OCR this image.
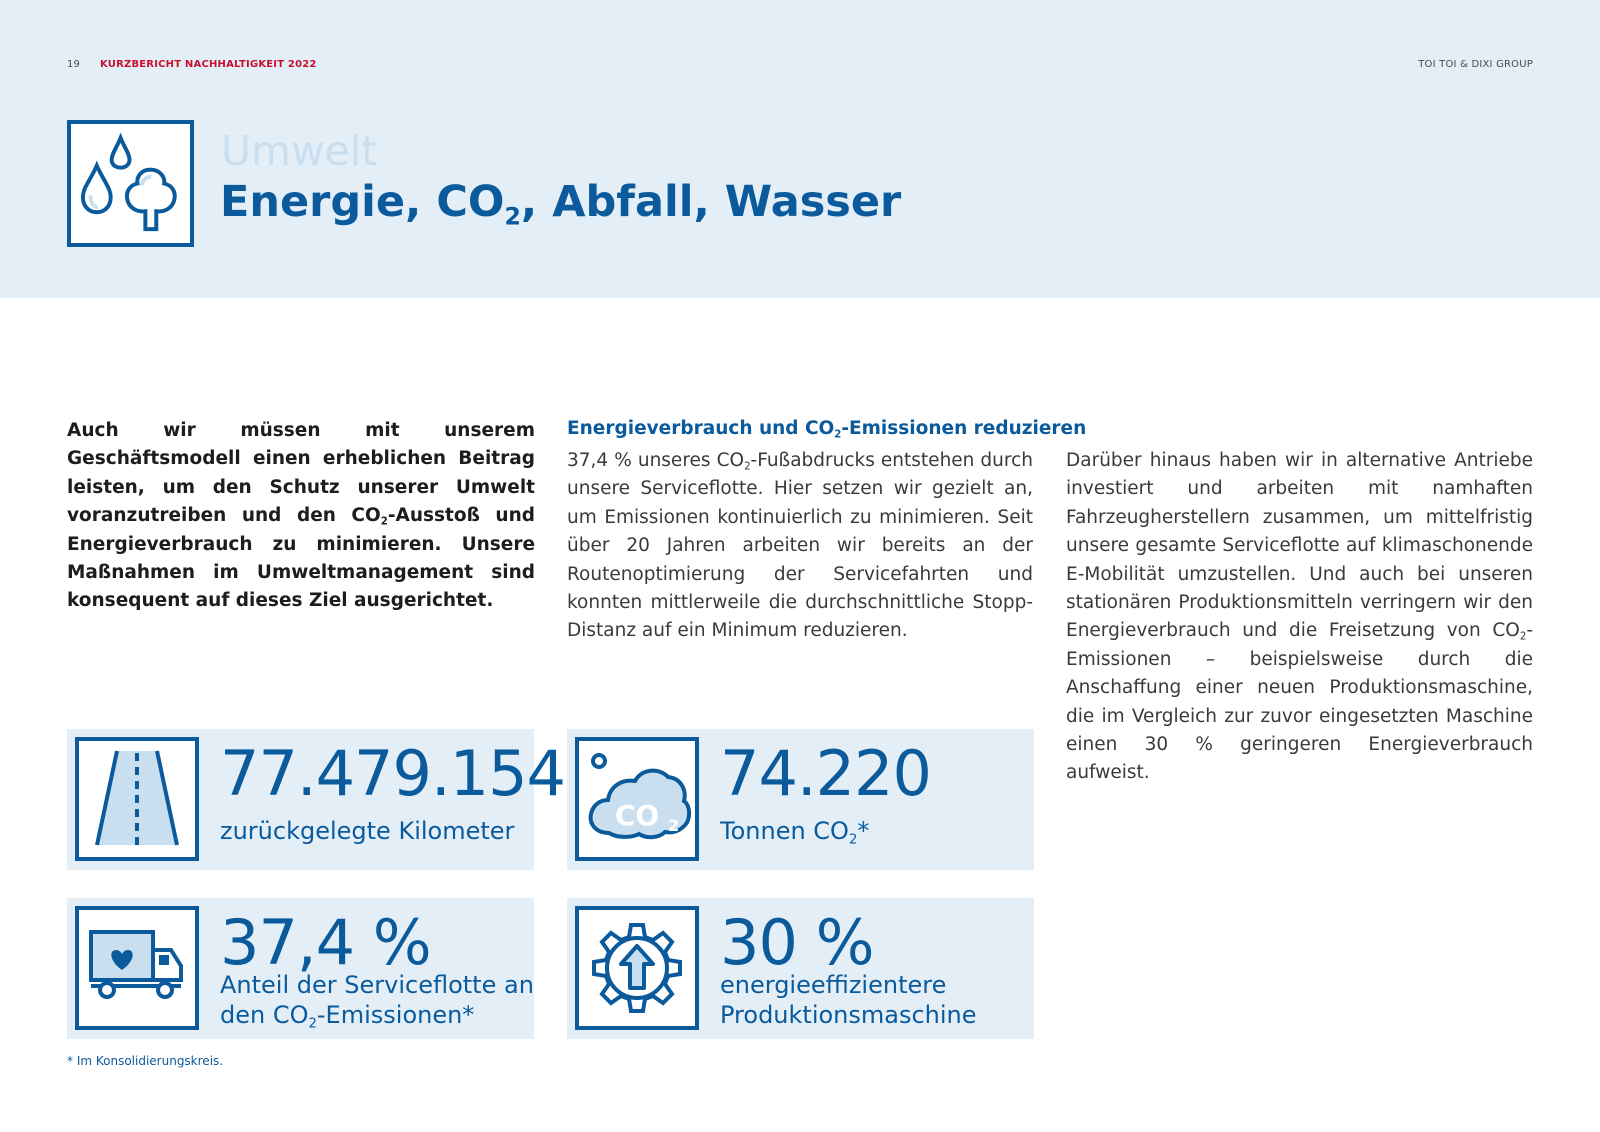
19 KURZBERICHT NACHHALTIGKEIT 2022	TOI TOI & DIXI GROUP
Umwelt
Energie, $CO_2$, Abfall, Wasser

Auch wir müssen mit unserem Geschäftsmodell einen erheblichen Beitrag leisten, um den Schutz unserer Umwelt voranzutreiben und den $CO_2$-Ausstoß und Energieverbrauch zu minimieren. Unsere Maßnahmen im Umweltmanagement sind konsequent auf dieses Ziel ausgerichtet.

Energieverbrauch und $CO_2$-Emissionen reduzieren

37,4 % unseres $CO_2$-Fußabdrucks entstehen durch unsere Serviceflotte. Hier setzen wir gezielt an, um Emissionen kontinuierlich zu minimieren. Seit über 20 Jahren arbeiten wir bereits an der Routenoptimierung der Servicefahrten und konnten mittlerweile die durchschnittliche Stopp-Distanz auf ein Minimum reduzieren.

Darüber hinaus haben wir in alternative Antriebe investiert und arbeiten mit namhaften Fahrzeugherstellern zusammen, um mittelfristig unsere gesamte Serviceflotte auf klimaschonende E-Mobilität umzustellen. Und auch bei unseren stationären Produktionsmitteln verringern wir den Energieverbrauch und die Freisetzung von $CO_2$-Emissionen – beispielsweise durch die Anschaffung einer neuen Produktionsmaschine, die im Vergleich zur zuvor eingesetzten Maschine einen 30 % geringeren Energieverbrauch aufweist.

77.479.154
zurückgelegte Kilometer	CO 2
74.220
Tonnen $CO_2*$
37,4 %
Anteil der Serviceflotte an
den $CO_2-Emissionen*$
30 %
energieeffizientere
Produktionsmaschine

* Im Konsolidierungskreis.
